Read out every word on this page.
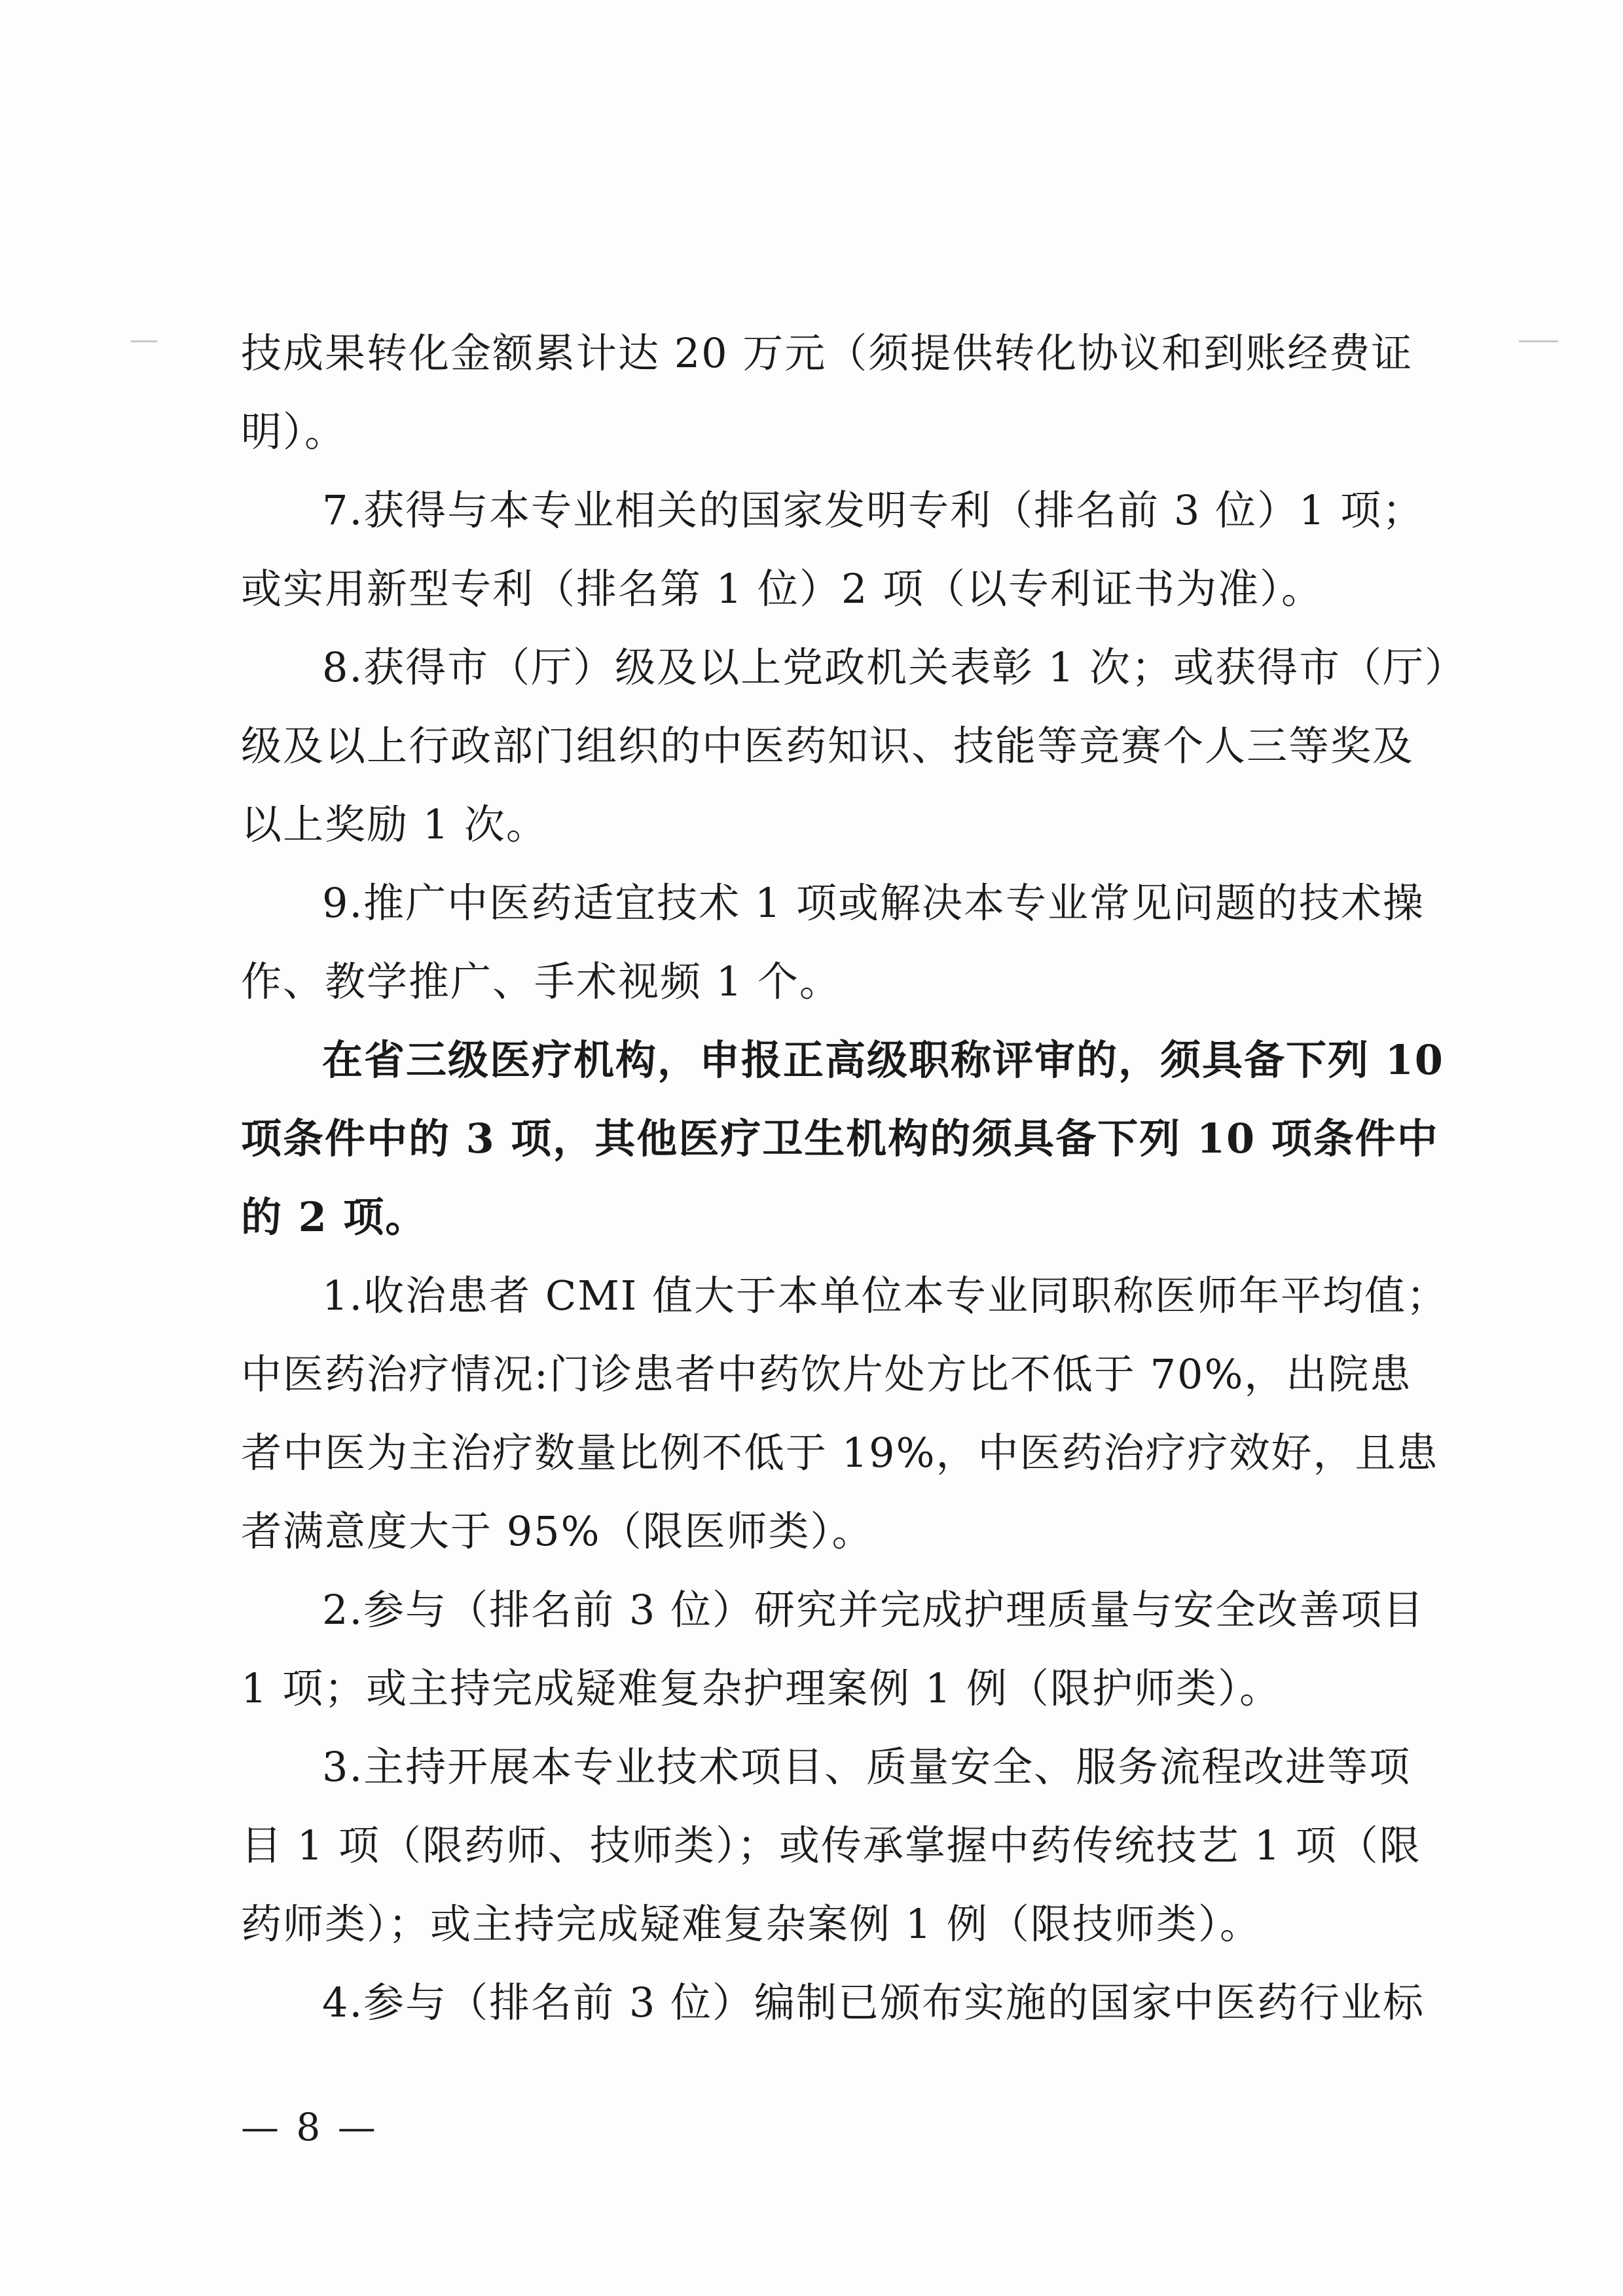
技成果转化金额累计达 20 万元（须提供转化协议和到账经费证
明）。
7.获得与本专业相关的国家发明专利（排名前 3 位）1 项；
或实用新型专利（排名第 1 位）2 项（以专利证书为准）。
8.获得市（厅）级及以上党政机关表彰 1 次；或获得市（厅）
级及以上行政部门组织的中医药知识、技能等竞赛个人三等奖及
以上奖励 1 次。
9.推广中医药适宜技术 1 项或解决本专业常见问题的技术操
作、教学推广、手术视频 1 个。
在省三级医疗机构，申报正高级职称评审的，须具备下列 10
项条件中的 3 项，其他医疗卫生机构的须具备下列 10 项条件中
的 2 项。
1.收治患者 CMI 值大于本单位本专业同职称医师年平均值；
中医药治疗情况:门诊患者中药饮片处方比不低于 70%，出院患
者中医为主治疗数量比例不低于 19%，中医药治疗疗效好，且患
者满意度大于 95%（限医师类）。
2.参与（排名前 3 位）研究并完成护理质量与安全改善项目
1 项；或主持完成疑难复杂护理案例 1 例（限护师类）。
3.主持开展本专业技术项目、质量安全、服务流程改进等项
目 1 项（限药师、技师类）；或传承掌握中药传统技艺 1 项（限
药师类）；或主持完成疑难复杂案例 1 例（限技师类）。
4.参与（排名前 3 位）编制已颁布实施的国家中医药行业标
— 8 —
